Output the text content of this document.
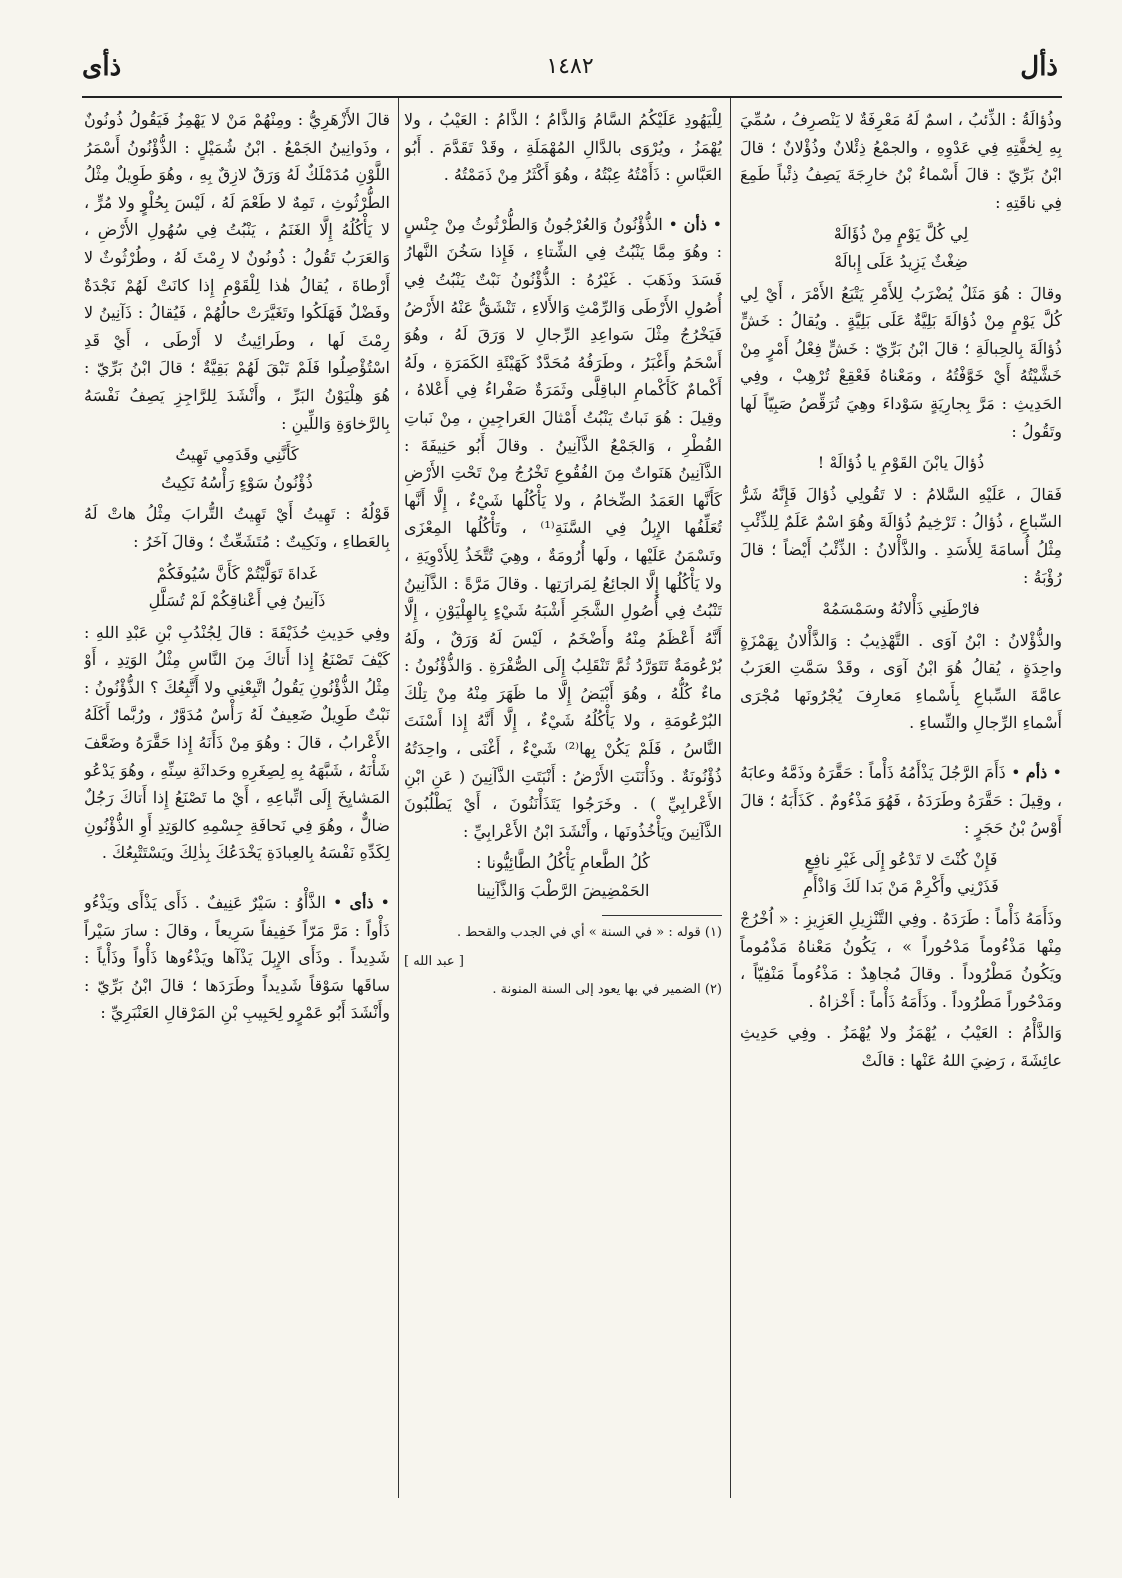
ذأل
١٤٨٢
ذأى

وذُؤالَةُ : الذِّئبُ ، اسمٌ لَهُ مَعْرِفَةٌ لا يَنْصرِفُ ، سُمِّيَ بِهِ لِخفَّتِهِ فِي عَدْوِهِ ، والجمْعُ ذِئْلانٌ وذُؤْلانٌ ؛ قالَ ابْنُ بَرِّيّ : قالَ أَسْماءُ بْنُ خارِجَةَ يَصِفُ ذِئْباً طَمِعَ فِي ناقَتِهِ :

لِي كُلَّ يَوْمٍ مِنْ ذُؤَالَهْ
ضِغْثٌ يَزِيدُ عَلَى إِبالَهْ

وقالَ : هُوَ مَثَلٌ يُضْرَبُ لِلأَمْرِ يَتْبَعُ الأَمْرَ ، أَيْ لِي كُلَّ يَوْمٍ مِنْ ذُؤالَةَ بَلِيَّةٌ عَلَى بَلِيَّةٍ . ويُقالُ : خَشٍّ ذُؤالَةَ بِالحِبالَةِ ؛ قالَ ابْنُ بَرِّيّ : خَشٍّ فِعْلُ أَمْرٍ مِنْ خَشَّيْتُهُ أَيْ خَوَّفْتُهُ ، ومَعْناهُ فَعْقِعْ تُرْهِبْ ، وفِي الحَدِيثِ : مَرَّ بِجارِيَةٍ سَوْداءَ وهِيَ تُرَقِّصُ صَبِيّاً لَها وتَقُولُ :

ذُؤالَ يابْنَ القَوْمِ يا ذُؤالَهْ !

فَقالَ ، عَلَيْهِ السَّلامُ : لا تَقُولِي ذُؤالَ فَإِنَّهُ شَرُّ السِّباعِ ، ذُؤالُ : تَرْخِيمُ ذُؤالَةَ وهُوَ اسْمٌ عَلَمٌ لِلذِّئْبِ مِثْلُ أُسامَةَ لِلأَسَدِ . والذَّأْلانُ : الذِّئْبُ أَيْضاً ؛ قالَ رُؤْبَةُ :

فارْطَنِي ذَأْلانُهُ وسَمْسَمُهْ

والذُّؤْلانُ : ابْنُ آوَى . التَّهْذِيبُ : وَالذَّأْلانُ بِهَمْزَةٍ واحِدَةٍ ، يُقالُ هُوَ ابْنُ آوَى ، وقَدْ سَمَّتِ العَرَبُ عامَّةَ السِّباعِ بِأَسْماءِ مَعارِفَ يُجْرُونَها مُجْرَى أَسْماءِ الرِّجالِ والنِّساءِ .

• ذأم • ذَأَمَ الرَّجُلَ يَذْأَمُهُ ذَأْماً : حَقَّرَهُ وذَمَّهُ وعابَهُ ، وقِيلَ : حَقَّرَهُ وطَرَدَهُ ، فَهُوَ مَذْءُومٌ . كَذَأَبَهُ ؛ قالَ أَوْسُ بْنُ حَجَرٍ :

فَإِنْ كُنْتَ لا تَدْعُو إِلَى غَيْرِ نافِعٍ
فَذَرْنِي وأَكْرِمْ مَنْ بَدا لَكَ وَاذْأَمِ

وذَأَمَهُ ذَأْماً : طَرَدَهُ . وفِي التَّنْزِيلِ العَزِيزِ : « اُخْرُجْ مِنْها مَذْءُوماً مَدْحُوراً » ، يَكُونُ مَعْناهُ مَذْمُوماً ويَكُونُ مَطْرُوداً . وقالَ مُجاهِدٌ : مَذْءُوماً مَنْفِيّاً ، ومَدْحُوراً مَطْرُوداً . وذَأَمَهُ ذَأْماً : أَخْزاهُ .

وَالذَّأْمُ : العَيْبُ ، يُهْمَزُ ولا يُهْمَزُ . وفِي حَدِيثِ عائِشَةَ ، رَضِيَ اللهُ عَنْها : قالَتْ

لِلْيَهُودِ عَلَيْكُمُ السَّامُ وَالذَّامُ ؛ الذَّامُ : العَيْبُ ، ولا يُهْمَزُ ، ويُرْوَى بالدَّالِ المُهْمَلَةِ ، وقَدْ تَقَدَّمَ . أَبُو العَبَّاسِ : ذَأَمْتُهُ عِبْتُهُ ، وهُوَ أَكْثَرُ مِنْ ذَمَمْتُهُ .

• ذأن • الذُّؤْنُونُ وَالعُرْجُونُ وَالطُّرْثُوثُ مِنْ جِنْسٍ : وهُوَ مِمَّا يَنْبُتُ فِي الشِّتاءِ ، فَإِذا سَخُنَ النَّهارُ فَسَدَ وذَهَبَ . غَيْرُهُ : الذُّؤْنُونُ نَبْتٌ يَنْبُتُ فِي أُصُولِ الأَرْطَى وَالرِّمْثِ وَالأَلاءِ ، تَنْشَقُّ عَنْهُ الأَرْضُ فَيَخْرُجُ مِثْلَ سَواعِدِ الرِّجالِ لا وَرَقَ لَهُ ، وهُوَ أَسْحَمُ وأَغْبَرُ ، وطَرَفُهُ مُحَدَّدٌ كَهَيْئَةِ الكَمَرَةِ ، ولَهُ أَكْمامٌ كَأَكْمامِ الباقِلَّى وثَمَرَةٌ صَفْراءُ فِي أَعْلاهُ ، وقِيلَ : هُوَ نَباتٌ يَنْبُتُ أَمْثالَ العَراجِينِ ، مِنْ نَباتِ الفُطْرِ ، وَالجَمْعُ الذَّآنِينُ . وقالَ أَبُو حَنِيفَةَ : الذَّآنِينُ هَنَواتٌ مِنَ الفُقُوعِ تَخْرُجُ مِنْ تَحْتِ الأَرْضِ كَأَنَّها العَمَدُ الضِّخامُ ، ولا يَأْكُلُها شَيْءٌ ، إِلَّا أَنَّها تُعَلِّفُها الإِبِلُ فِي السَّنَةِ⁽¹⁾ ، وتَأْكُلُها المِعْزَى وتَسْمَنُ عَلَيْها ، ولَها أُرُومَةٌ ، وهِيَ تُتَّخَذُ لِلأَدْوِيَةِ ، ولا يَأْكُلُها إِلَّا الجائِعُ لِمَرارَتِها . وقالَ مَرَّةً : الذَّآنِينُ تَنْبُتُ فِي أُصُولِ الشَّجَرِ أَشْبَهُ شَيْءٍ بِالهِلْيَوْنِ ، إِلَّا أَنَّهُ أَعْظَمُ مِنْهُ وأَضْخَمُ ، لَيْسَ لَهُ وَرَقٌ ، ولَهُ بُرْعُومَةٌ تَتَوَرَّدُ ثُمَّ تَنْقَلِبُ إِلَى الصُّفْرَةِ . وَالذُّؤْنُونُ : ماءٌ كُلُّهُ ، وهُوَ أَبْيَضُ إِلَّا ما ظَهَرَ مِنْهُ مِنْ تِلْكَ البُرْعُومَةِ ، ولا يَأْكُلُهُ شَيْءٌ ، إِلَّا أَنَّهُ إِذا أَسْنَتَ النَّاسُ ، فَلَمْ يَكُنْ بِها⁽²⁾ شَيْءٌ ، أَغْنَى ، واحِدَتُهُ ذُؤْنُونَةٌ . وذَأْنَنَتِ الأَرْضُ : أَنْبَتَتِ الذَّآنِينَ ( عَنِ ابْنِ الأَعْرابِيِّ ) . وخَرَجُوا يَتَذَأْنَنُونَ ، أَيْ يَطْلُبُونَ الذَّآنِينَ ويَأْخُذُونَها ، وأَنْشَدَ ابْنُ الأَعْرابِيِّ :

كُلُ الطَّعامِ يَأْكُلُ الطَّائِيُّونا :
الحَمْضِيضَ الرَّطْبَ وَالذَّآنِينا

(١) قوله : « في السنة » أي في الجدب والقحط .

[ عبد الله ]

(٢) الضمير في بها يعود إلى السنة المنونة .

قالَ الأَزْهَرِيُّ : ومِنْهُمْ مَنْ لا يَهْمِزُ فَيَقُولُ ذُونُونٌ ، وذَوانِينُ الجَمْعُ . ابْنُ شُمَيْلٍ : الذُّؤْنُونُ أَسْمَرُ اللَّوْنِ مُدَمْلَكٌ لَهُ وَرَقٌ لازِقٌ بِهِ ، وهُوَ طَوِيلٌ مِثْلُ الطُّرْثُوثِ ، تَمِهٌ لا طَعْمَ لَهُ ، لَيْسَ بِحُلْوٍ ولا مُرٍّ ، لا يَأْكُلُهُ إِلَّا الغَنَمُ ، يَنْبُتُ فِي سُهُولِ الأَرْضِ ، وَالعَرَبُ تَقُولُ : ذُونُونٌ لا رِمْثَ لَهُ ، وطُرْثُوثٌ لا أَرْطاةَ ، يُقالُ هٰذا لِلْقَوْمِ إِذا كانَتْ لَهُمْ نَجْدَةٌ وفَضْلٌ فَهَلَكُوا وتَغَيَّرَتْ حالُهُمْ ، فَيُقالُ : ذَآنِينُ لا رِمْثَ لَها ، وطَرائِيثُ لا أَرْطَى ، أَيْ قَدِ اسْتُؤْصِلُوا فَلَمْ تَبْقَ لَهُمْ بَقِيَّةٌ ؛ قالَ ابْنُ بَرِّيّ : هُوَ هِلْيَوْنُ البَرِّ ، وأَنْشَدَ لِلرَّاجِزِ يَصِفُ نَفْسَهُ بِالرَّخاوَةِ وَاللِّينِ :

كَأَنَّنِي وقَدَمِي تَهِيتُ
ذُؤْنُونُ سَوْءٍ رَأْسُهُ نَكِيتُ

قَوْلُهُ : تَهِيتُ أَيْ تَهِيتُ التُّرابَ مِثْلُ هاتْ لَهُ بِالعَطاءِ ، ونَكِيتٌ : مُتَشَعِّثٌ ؛ وقالَ آخَرُ :

غَداةَ تَوَلَّيْتُمْ كَأَنَّ سُيُوفَكُمْ
ذَآنِينُ فِي أَعْناقِكُمْ لَمْ تُسَلَّلِ

وفِي حَدِيثِ حُذَيْفَةَ : قالَ لِجُنْدُبِ بْنِ عَبْدِ اللهِ : كَيْفَ تَصْنَعُ إِذا أَتاكَ مِنَ النَّاسِ مِثْلُ الوَتِدِ ، أَوْ مِثْلُ الذُّؤْنُونِ يَقُولُ اتَّبِعْنِي ولا أَتَّبِعُكَ ؟ الذُّؤْنُونُ : نَبْتٌ طَوِيلٌ ضَعِيفٌ لَهُ رَأْسٌ مُدَوَّرٌ ، ورُبَّما أَكَلَهُ الأَعْرابُ ، قالَ : وهُوَ مِنْ ذَأَنَهُ إِذا حَقَّرَهُ وضَعَّفَ شَأْنَهُ ، شَبَّهَهُ بِهِ لِصِغَرِهِ وحَداثَةِ سِنِّهِ ، وهُوَ يَدْعُو المَشايِخَ إِلَى اتِّباعِهِ ، أَيْ ما تَصْنَعُ إِذا أَتاكَ رَجُلٌ ضالٌّ ، وهُوَ فِي نَحافَةِ جِسْمِهِ كالوَتِدِ أَوِ الذُّؤْنُونِ لِكَدِّهِ نَفْسَهُ بِالعِبادَةِ يَخْدَعُكَ بِذٰلِكَ ويَسْتَتْبِعُكَ .

• ذأى • الذَّأْوُ : سَيْرٌ عَنِيفٌ . ذَأَى يَذْأَى ويَذْءُو ذَأْواً : مَرَّ مَرّاً خَفِيفاً سَرِيعاً ، وقالَ : سارَ سَيْراً شَدِيداً . وذَأَى الإِبِلَ يَذْآها ويَذْءُوها ذَأْواً وذَأْياً : ساقَها سَوْقاً شَدِيداً وطَرَدَها ؛ قالَ ابْنُ بَرِّيّ : وأَنْشَدَ أَبُو عَمْرٍو لِحَبِيبِ بْنِ المَرْقالِ العَنْبَرِيِّ :
